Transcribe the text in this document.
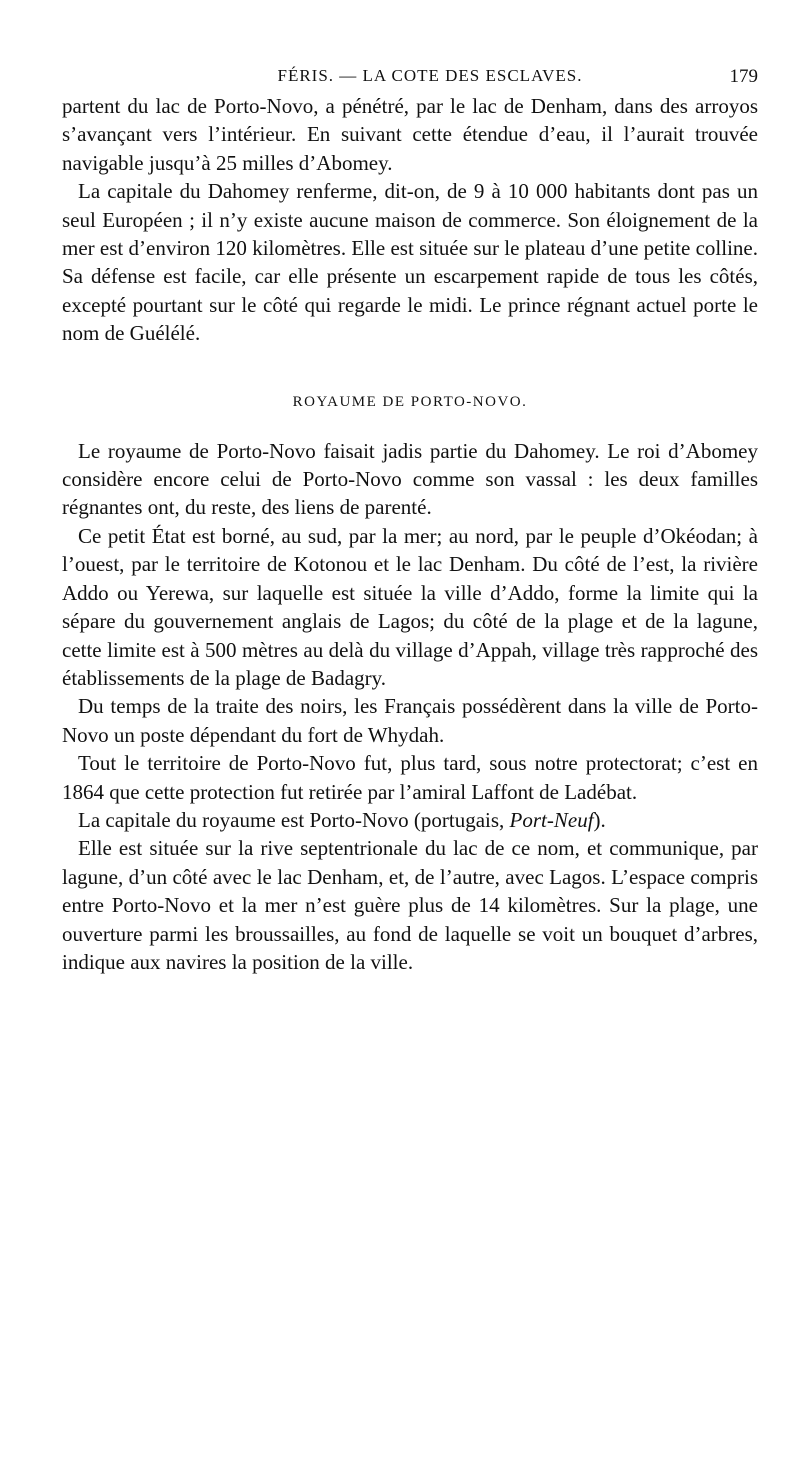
FÉRIS. — LA COTE DES ESCLAVES.	179

partent du lac de Porto-Novo, a pénétré, par le lac de Denham, dans des arroyos s’avançant vers l’intérieur. En suivant cette étendue d’eau, il l’aurait trouvée navigable jusqu’à 25 milles d’Abomey.

La capitale du Dahomey renferme, dit-on, de 9 à 10 000 habitants dont pas un seul Européen ; il n’y existe aucune maison de commerce. Son éloignement de la mer est d’environ 120 kilomètres. Elle est située sur le plateau d’une petite colline. Sa défense est facile, car elle présente un escarpement rapide de tous les côtés, excepté pourtant sur le côté qui regarde le midi. Le prince régnant actuel porte le nom de Guélélé.

ROYAUME DE PORTO-NOVO.

Le royaume de Porto-Novo faisait jadis partie du Dahomey. Le roi d’Abomey considère encore celui de Porto-Novo comme son vassal : les deux familles régnantes ont, du reste, des liens de parenté.

Ce petit État est borné, au sud, par la mer; au nord, par le peuple d’Okéodan; à l’ouest, par le territoire de Kotonou et le lac Denham. Du côté de l’est, la rivière Addo ou Yerewa, sur laquelle est située la ville d’Addo, forme la limite qui la sépare du gouvernement anglais de Lagos; du côté de la plage et de la lagune, cette limite est à 500 mètres au delà du village d’Appah, village très rapproché des établissements de la plage de Badagry.

Du temps de la traite des noirs, les Français possédèrent dans la ville de Porto-Novo un poste dépendant du fort de Whydah.

Tout le territoire de Porto-Novo fut, plus tard, sous notre protectorat; c’est en 1864 que cette protection fut retirée par l’amiral Laffont de Ladébat.

La capitale du royaume est Porto-Novo (portugais, Port-Neuf).

Elle est située sur la rive septentrionale du lac de ce nom, et communique, par lagune, d’un côté avec le lac Denham, et, de l’autre, avec Lagos. L’espace compris entre Porto-Novo et la mer n’est guère plus de 14 kilomètres. Sur la plage, une ouverture parmi les broussailles, au fond de laquelle se voit un bouquet d’arbres, indique aux navires la position de la ville.
